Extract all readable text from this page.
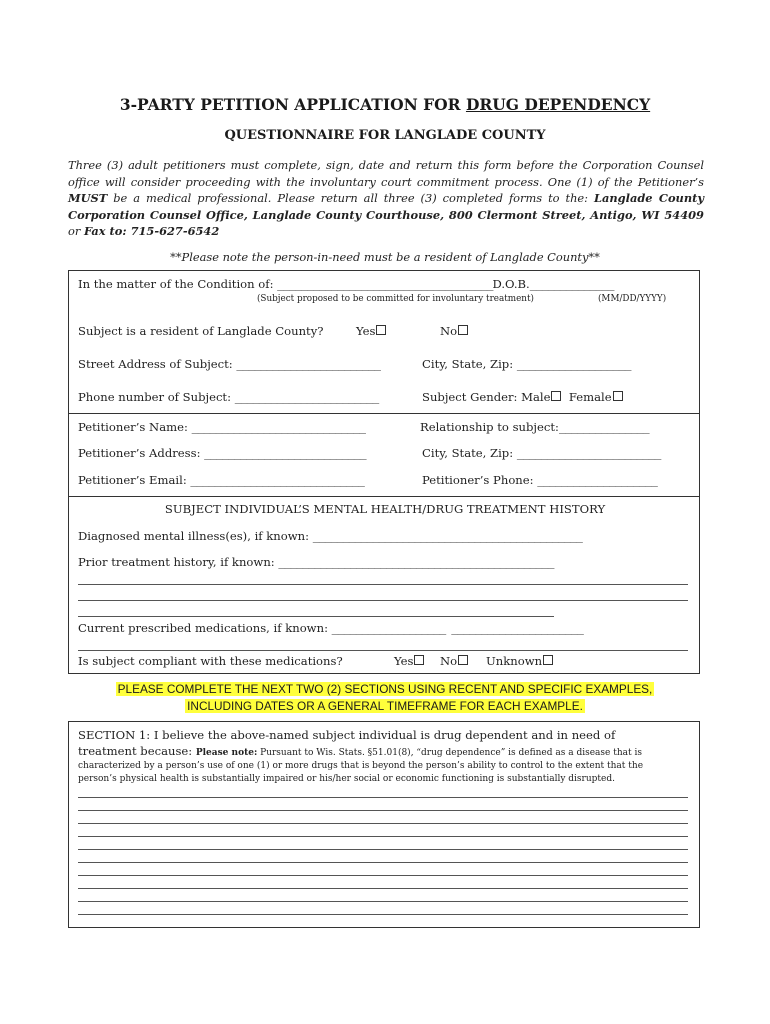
3-PARTY PETITION APPLICATION FOR DRUG DEPENDENCY
QUESTIONNAIRE FOR LANGLADE COUNTY
Three (3) adult petitioners must complete, sign, date and return this form before the Corporation Counsel office will consider proceeding with the involuntary court commitment process. One (1) of the Petitioner’s MUST be a medical professional. Please return all three (3) completed forms to the: Langlade County Corporation Counsel Office, Langlade County Courthouse, 800 Clermont Street, Antigo, WI 54409 or Fax to: 715-627-6542
**Please note the person-in-need must be a resident of Langlade County**
In the matter of the Condition of: ____________________________________D.O.B.______________
(Subject proposed to be committed for involuntary treatment)	(MM/DD/YYYY)
Subject is a resident of Langlade County?	Yes	No
Street Address of Subject: ________________________	City, State, Zip: ___________________
Phone number of Subject: ________________________	Subject Gender: Male Female
Petitioner’s Name: _____________________________	Relationship to subject:_______________
Petitioner’s Address: ___________________________	City, State, Zip: ________________________
Petitioner’s Email: _____________________________	Petitioner’s Phone: ____________________
SUBJECT INDIVIDUAL’S MENTAL HEALTH/DRUG TREATMENT HISTORY
Diagnosed mental illness(es), if known: _____________________________________________
Prior treatment history, if known: ______________________________________________
Current prescribed medications, if known: ___________________ ______________________
Is subject compliant with these medications?	Yes	No	Unknown
PLEASE COMPLETE THE NEXT TWO (2) SECTIONS USING RECENT AND SPECIFIC EXAMPLES,
INCLUDING DATES OR A GENERAL TIMEFRAME FOR EACH EXAMPLE.
SECTION 1: I believe the above-named subject individual is drug dependent and in need of
treatment because: Please note: Pursuant to Wis. Stats. §51.01(8), “drug dependence” is defined as a disease that is
characterized by a person’s use of one (1) or more drugs that is beyond the person’s ability to control to the extent that the
person’s physical health is substantially impaired or his/her social or economic functioning is substantially disrupted.
